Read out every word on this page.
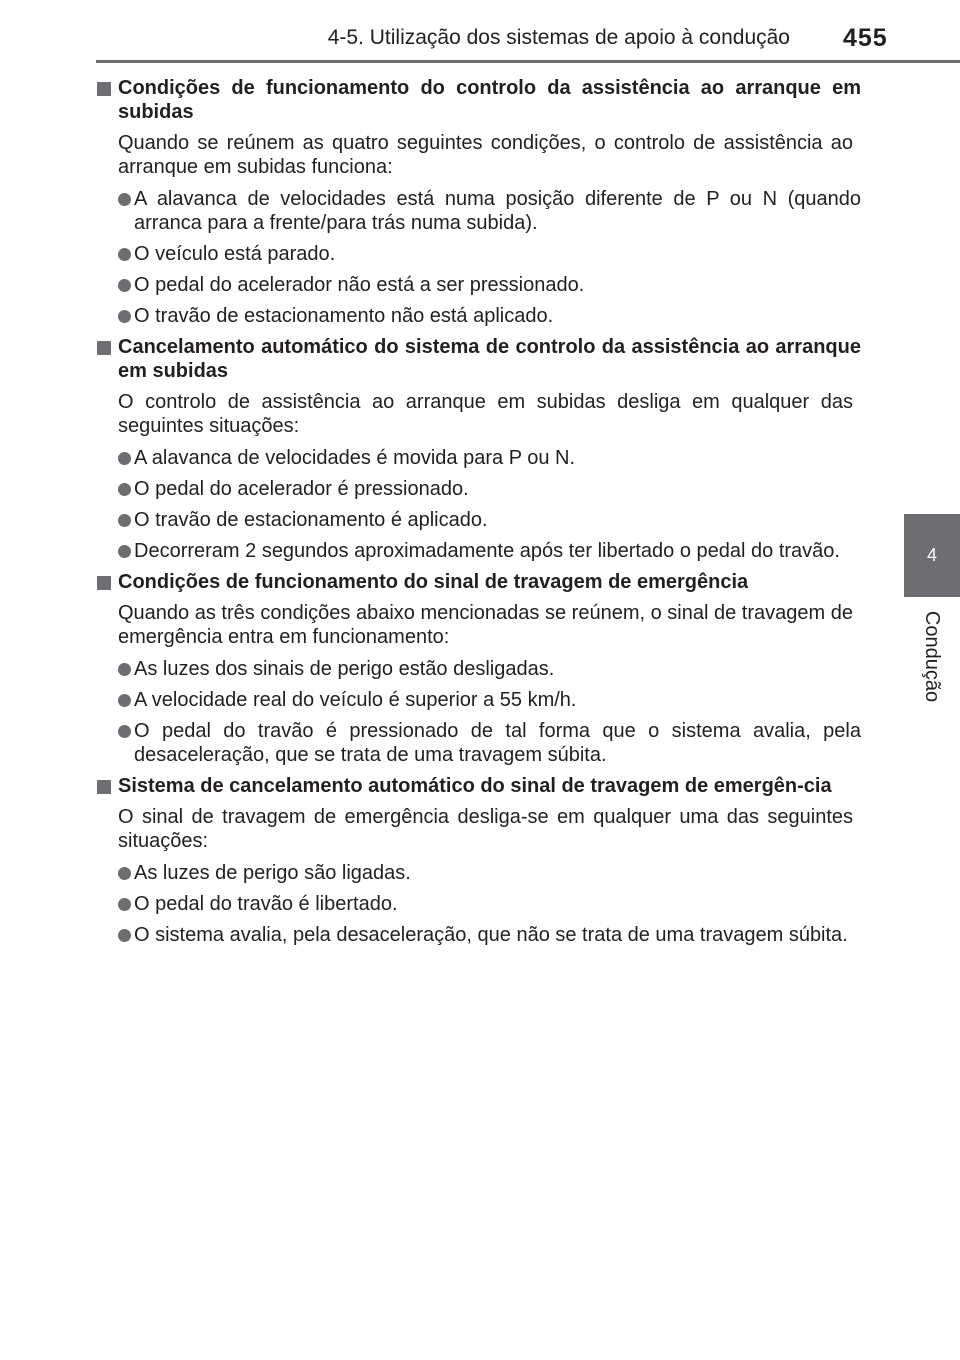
4-5. Utilização dos sistemas de apoio à condução 455
4
Condução
Condições de funcionamento do controlo da assistência ao arranque em subidas
Quando se reúnem as quatro seguintes condições, o controlo de assistência ao arranque em subidas funciona:
A alavanca de velocidades está numa posição diferente de P ou N (quando arranca para a frente/para trás numa subida).
O veículo está parado.
O pedal do acelerador não está a ser pressionado.
O travão de estacionamento não está aplicado.
Cancelamento automático do sistema de controlo da assistência ao arranque em subidas
O controlo de assistência ao arranque em subidas desliga em qualquer das seguintes situações:
A alavanca de velocidades é movida para P ou N.
O pedal do acelerador é pressionado.
O travão de estacionamento é aplicado.
Decorreram 2 segundos aproximadamente após ter libertado o pedal do travão.
Condições de funcionamento do sinal de travagem de emergência
Quando as três condições abaixo mencionadas se reúnem, o sinal de travagem de emergência entra em funcionamento:
As luzes dos sinais de perigo estão desligadas.
A velocidade real do veículo é superior a 55 km/h.
O pedal do travão é pressionado de tal forma que o sistema avalia, pela desaceleração, que se trata de uma travagem súbita.
Sistema de cancelamento automático do sinal de travagem de emergên-cia
O sinal de travagem de emergência desliga-se em qualquer uma das seguintes situações:
As luzes de perigo são ligadas.
O pedal do travão é libertado.
O sistema avalia, pela desaceleração, que não se trata de uma travagem súbita.
